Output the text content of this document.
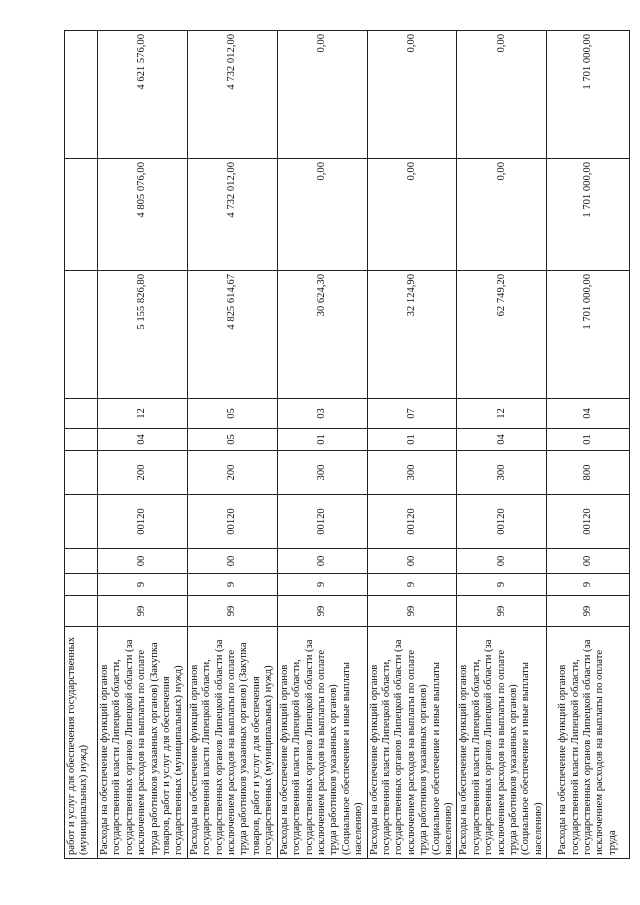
работ и услуг для обеспечения государственных (муниципальных) нужд)										
Расходы на обеспечение функций органов государственной власти Липецкой области, государственных органов Липецкой области (за исключением расходов на выплаты по оплате труда работников указанных органов) (Закупка товаров, работ и услуг для обеспечения государственных (муниципальных) нужд)	99	9	00	00120	200	04	12	5 155 826,80	4 805 076,00	4 621 576,00
Расходы на обеспечение функций органов государственной власти Липецкой области, государственных органов Липецкой области (за исключением расходов на выплаты по оплате труда работников указанных органов) (Закупка товаров, работ и услуг для обеспечения государственных (муниципальных) нужд)	99	9	00	00120	200	05	05	4 825 614,67	4 732 012,00	4 732 012,00
Расходы на обеспечение функций органов государственной власти Липецкой области, государственных органов Липецкой области (за исключением расходов на выплаты по оплате труда работников указанных органов) (Социальное обеспечение и иные выплаты населению)	99	9	00	00120	300	01	03	30 624,30	0,00	0,00
Расходы на обеспечение функций органов государственной власти Липецкой области, государственных органов Липецкой области (за исключением расходов на выплаты по оплате труда работников указанных органов) (Социальное обеспечение и иные выплаты населению)	99	9	00	00120	300	01	07	32 124,90	0,00	0,00
Расходы на обеспечение функций органов государственной власти Липецкой области, государственных органов Липецкой области (за исключением расходов на выплаты по оплате труда работников указанных органов) (Социальное обеспечение и иные выплаты населению)	99	9	00	00120	300	04	12	62 749,20	0,00	0,00
Расходы на обеспечение функций органов государственной власти Липецкой области, государственных органов Липецкой области (за исключением расходов на выплаты по оплате труда	99	9	00	00120	800	01	04	1 701 000,00	1 701 000,00	1 701 000,00
